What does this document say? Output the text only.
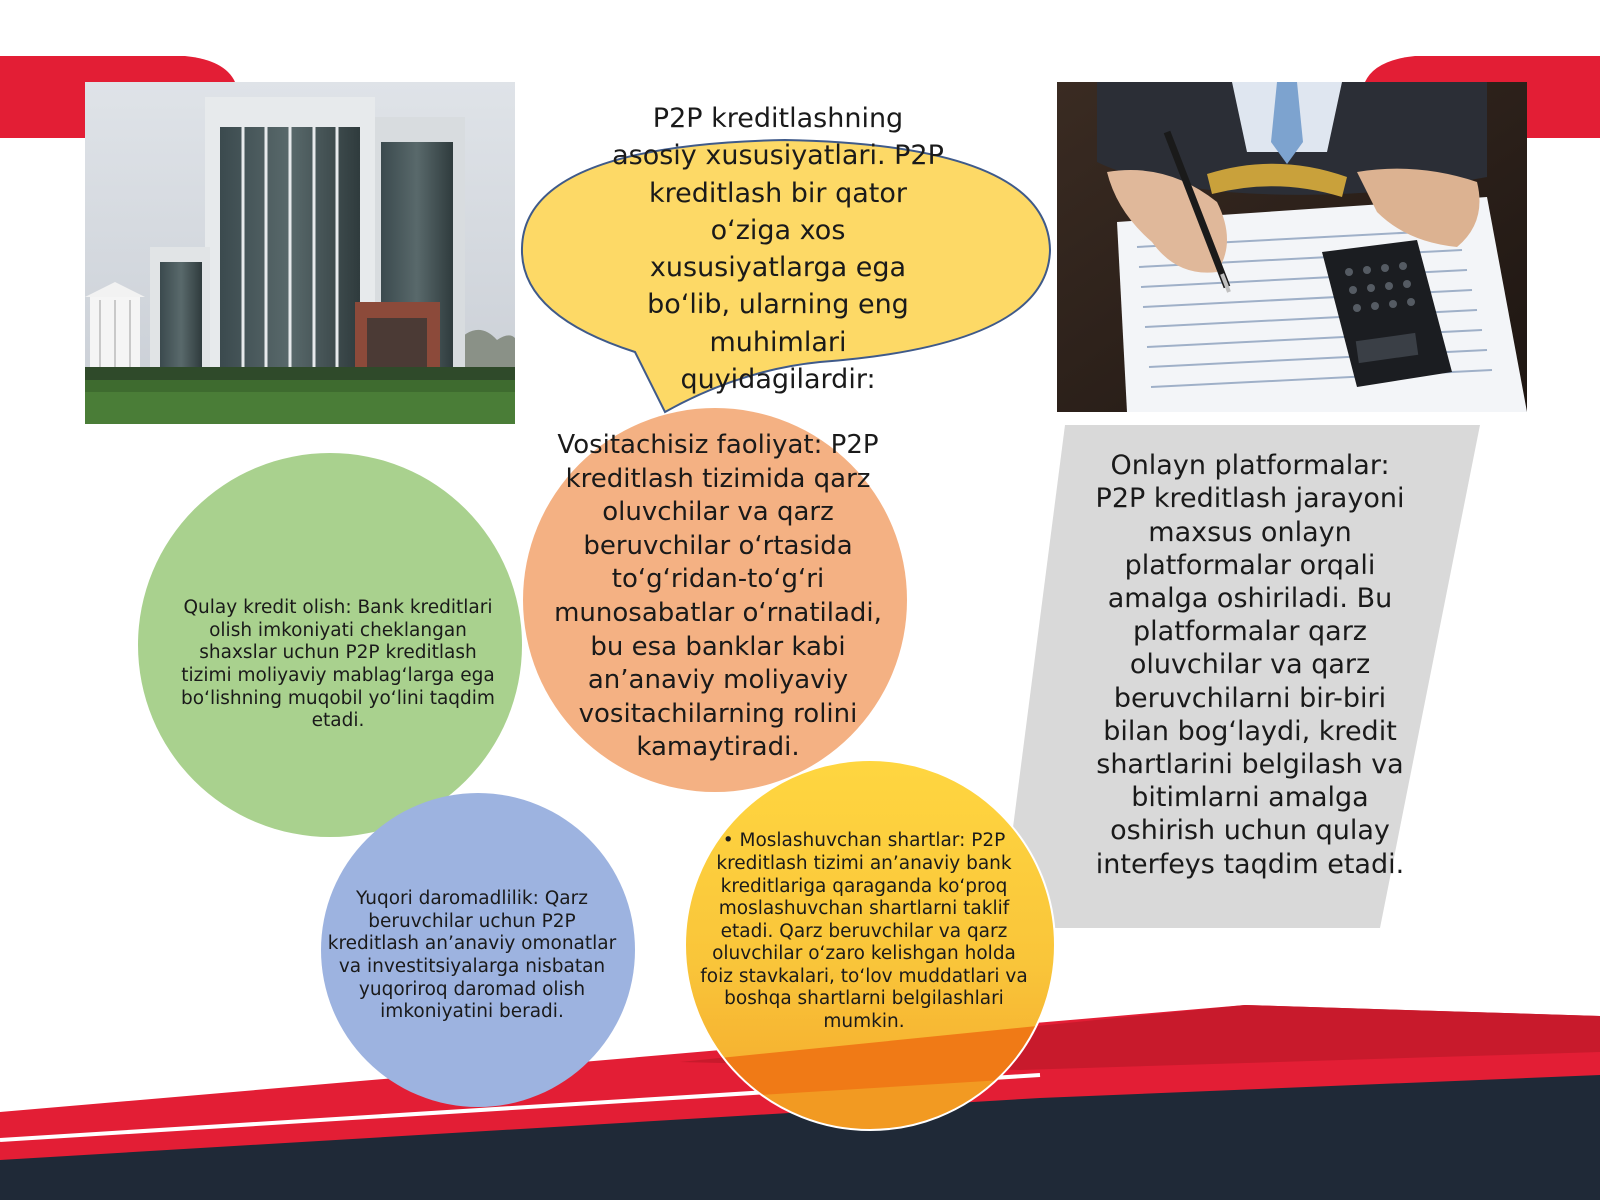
P2P kreditlashning asosiy xususiyatlari. P2P kreditlash bir qator o‘ziga xos xususiyatlarga ega bo‘lib, ularning eng muhimlari quyidagilardir:
Vositachisiz faoliyat: P2P kreditlash tizimida qarz oluvchilar va qarz beruvchilar o‘rtasida to‘g‘ridan-to‘g‘ri munosabatlar o‘rnatiladi, bu esa banklar kabi an’anaviy moliyaviy vositachilarning rolini kamaytiradi.
Qulay kredit olish: Bank kreditlari olish imkoniyati cheklangan shaxslar uchun P2P kreditlash tizimi moliyaviy mablag‘larga ega bo‘lishning muqobil yo‘lini taqdim etadi.
Yuqori daromadlilik: Qarz beruvchilar uchun P2P kreditlash an’anaviy omonatlar va investitsiyalarga nisbatan yuqoriroq daromad olish imkoniyatini beradi.
• Moslashuvchan shartlar: P2P kreditlash tizimi an’anaviy bank kreditlariga qaraganda ko‘proq moslashuvchan shartlarni taklif etadi. Qarz beruvchilar va qarz oluvchilar o‘zaro kelishgan holda foiz stavkalari, to‘lov muddatlari va boshqa shartlarni belgilashlari mumkin.
Onlayn platformalar: P2P kreditlash jarayoni maxsus onlayn platformalar orqali amalga oshiriladi. Bu platformalar qarz oluvchilar va qarz beruvchilarni bir-biri bilan bog‘laydi, kredit shartlarini belgilash va bitimlarni amalga oshirish uchun qulay interfeys taqdim etadi.
